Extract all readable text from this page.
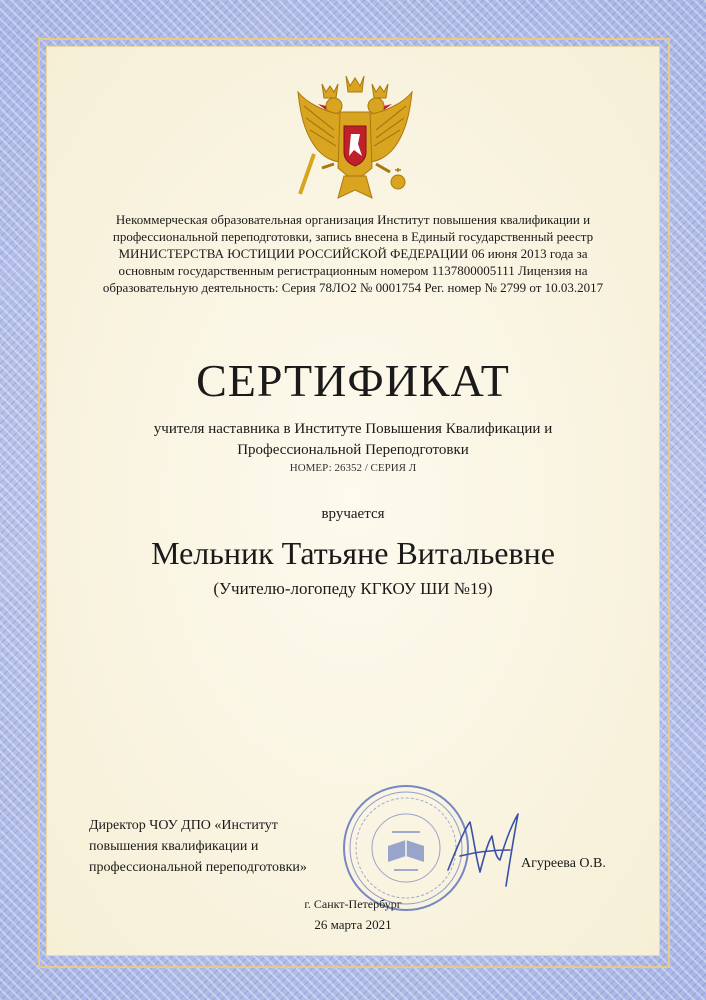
Некоммерческая образовательная организация Институт повышения квалификации и
профессиональной переподготовки, запись внесена в Единый государственный реестр
МИНИСТЕРСТВА ЮСТИЦИИ РОССИЙСКОЙ ФЕДЕРАЦИИ 06 июня 2013 года за
основным государственным регистрационным номером 1137800005111 Лицензия на
образовательную деятельность: Серия 78ЛО2 № 0001754 Рег. номер № 2799 от 10.03.2017
СЕРТИФИКАТ
учителя наставника в Институте Повышения Квалификации и
Профессиональной Переподготовки
НОМЕР: 26352 / СЕРИЯ Л
вручается
Мельник Татьяне Витальевне
(Учителю-логопеду КГКОУ ШИ №19)
Директор ЧОУ ДПО «Институт
повышения квалификации и
профессиональной переподготовки»	Агуреева О.В.
г. Санкт-Петербург
26 марта 2021
